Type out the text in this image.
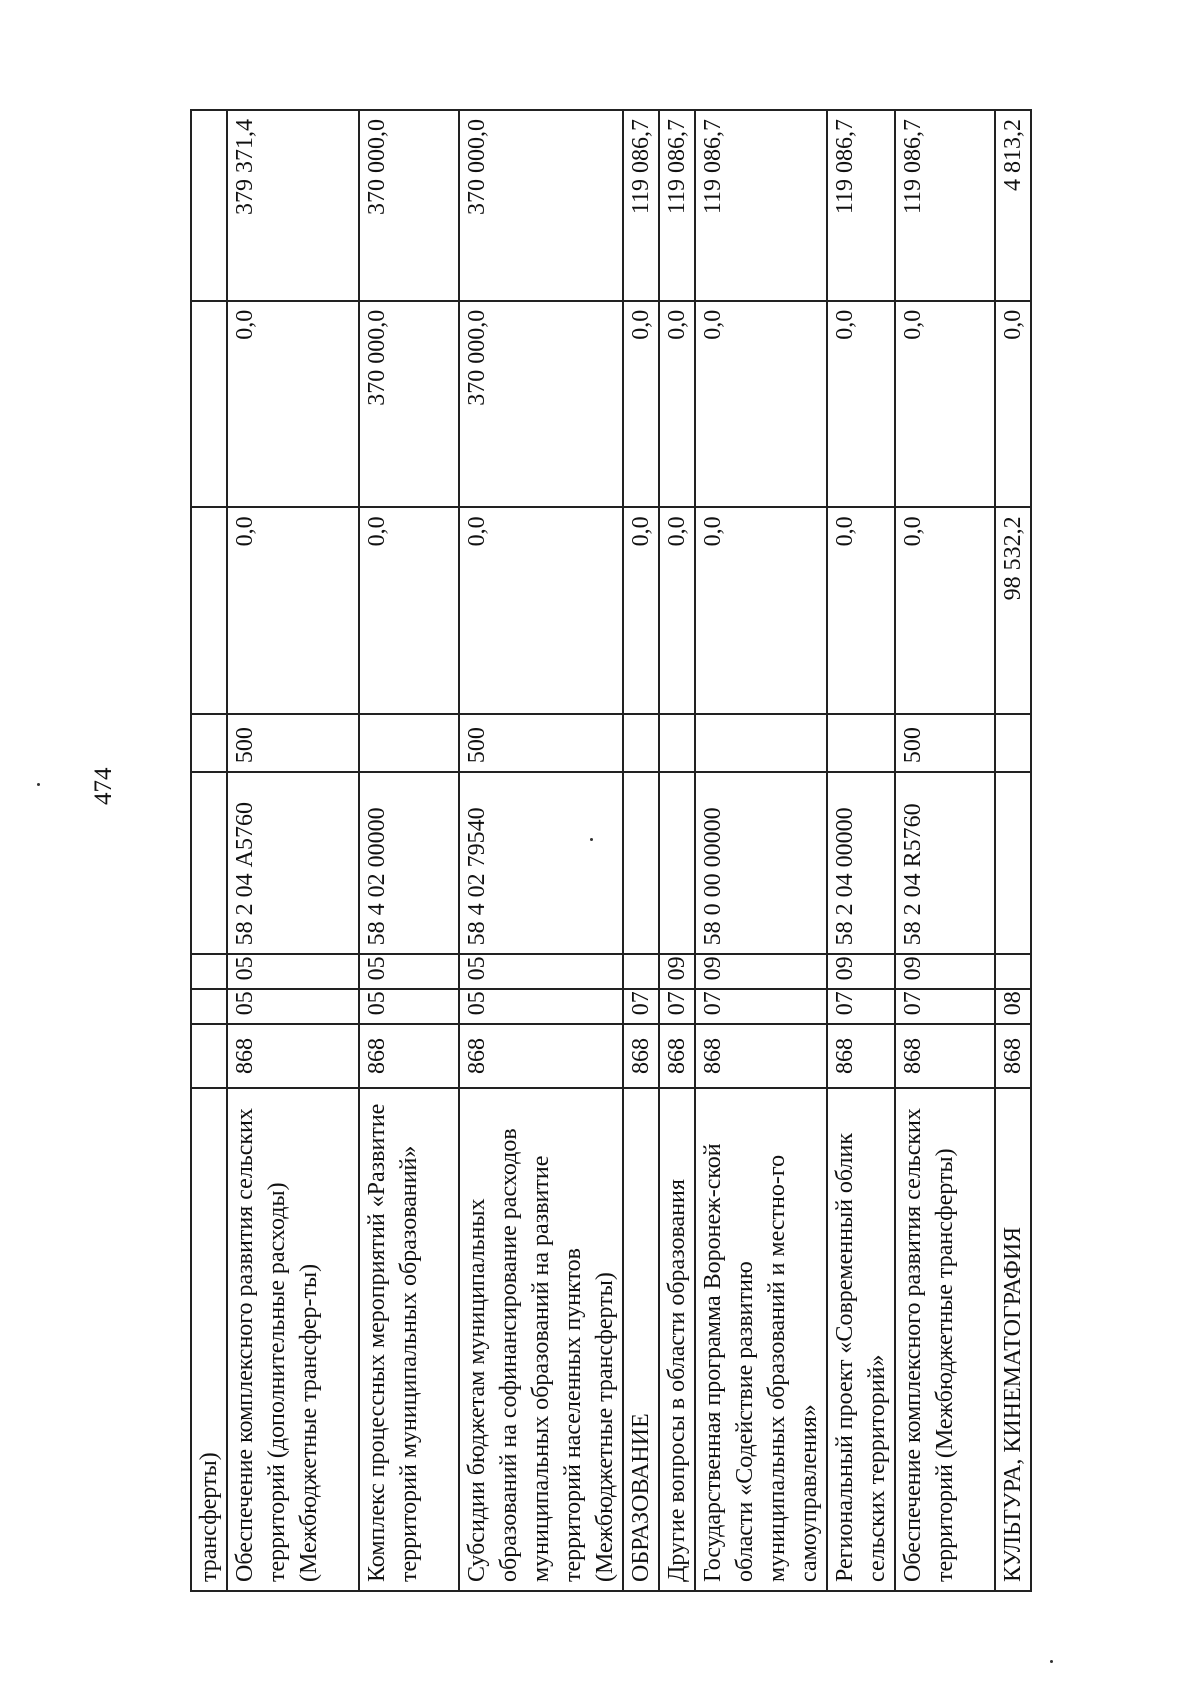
474
трансферты)								
Обеспечение комплексного развития сельских территорий (дополнительные расходы) (Межбюджетные трансфер-ты)	868	05	05	58 2 04 А5760	500	0,0	0,0	379 371,4
Комплекс процессных мероприятий «Развитие территорий муниципальных образований»	868	05	05	58 4 02 00000		0,0	370 000,0	370 000,0
Субсидии бюджетам муниципальных образований на софинансирование расходов муниципальных образований на развитие территорий населенных пунктов (Межбюджетные трансферты)	868	05	05	58 4 02 79540	500	0,0	370 000,0	370 000,0
ОБРАЗОВАНИЕ	868	07				0,0	0,0	119 086,7
Другие вопросы в области образования	868	07	09			0,0	0,0	119 086,7
Государственная программа Воронеж-ской области «Содействие развитию муниципальных образований и местно-го самоуправления»	868	07	09	58 0 00 00000		0,0	0,0	119 086,7
Региональный проект «Современный облик сельских территорий»	868	07	09	58 2 04 00000		0,0	0,0	119 086,7
Обеспечение комплексного развития сельских территорий (Межбюджетные трансферты)	868	07	09	58 2 04 R5760	500	0,0	0,0	119 086,7
КУЛЬТУРА, КИНЕМАТОГРАФИЯ	868	08				98 532,2	0,0	4 813,2
